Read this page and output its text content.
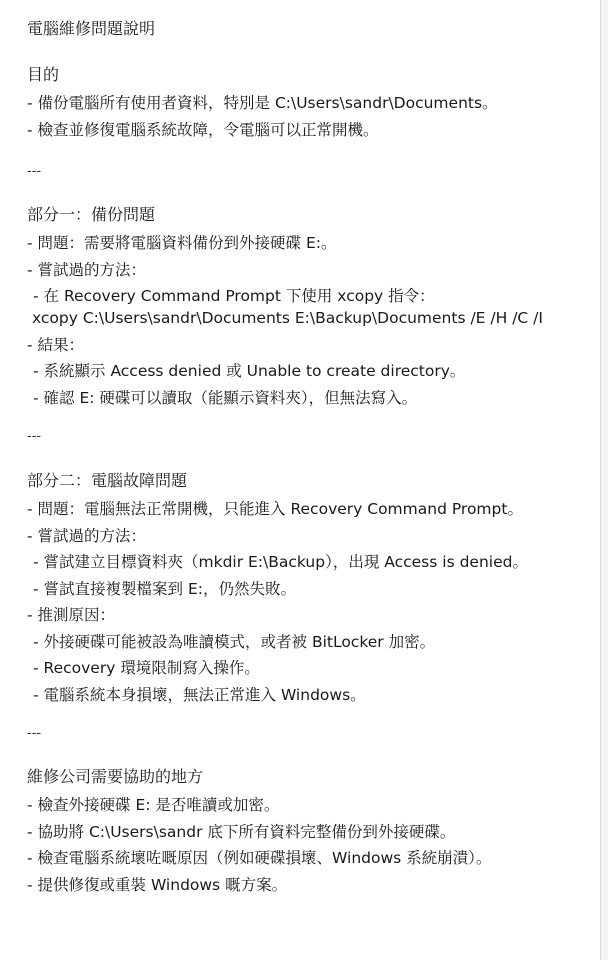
電腦維修問題說明
目的
- 備份電腦所有使用者資料，特別是 C:\Users\sandr\Documents。
- 檢查並修復電腦系統故障，令電腦可以正常開機。
---
部分一：備份問題
- 問題：需要將電腦資料備份到外接硬碟 E:。
- 嘗試過的方法：
- 在 Recovery Command Prompt 下使用 xcopy 指令：
xcopy C:\Users\sandr\Documents E:\Backup\Documents /E /H /C /I
- 結果：
- 系統顯示 Access denied 或 Unable to create directory。
- 確認 E: 硬碟可以讀取（能顯示資料夾），但無法寫入。
---
部分二：電腦故障問題
- 問題：電腦無法正常開機，只能進入 Recovery Command Prompt。
- 嘗試過的方法：
- 嘗試建立目標資料夾（mkdir E:\Backup），出現 Access is denied。
- 嘗試直接複製檔案到 E:，仍然失敗。
- 推測原因：
- 外接硬碟可能被設為唯讀模式，或者被 BitLocker 加密。
- Recovery 環境限制寫入操作。
- 電腦系統本身損壞，無法正常進入 Windows。
---
維修公司需要協助的地方
- 檢查外接硬碟 E: 是否唯讀或加密。
- 協助將 C:\Users\sandr 底下所有資料完整備份到外接硬碟。
- 檢查電腦系統壞咗嘅原因（例如硬碟損壞、Windows 系統崩潰）。
- 提供修復或重裝 Windows 嘅方案。
